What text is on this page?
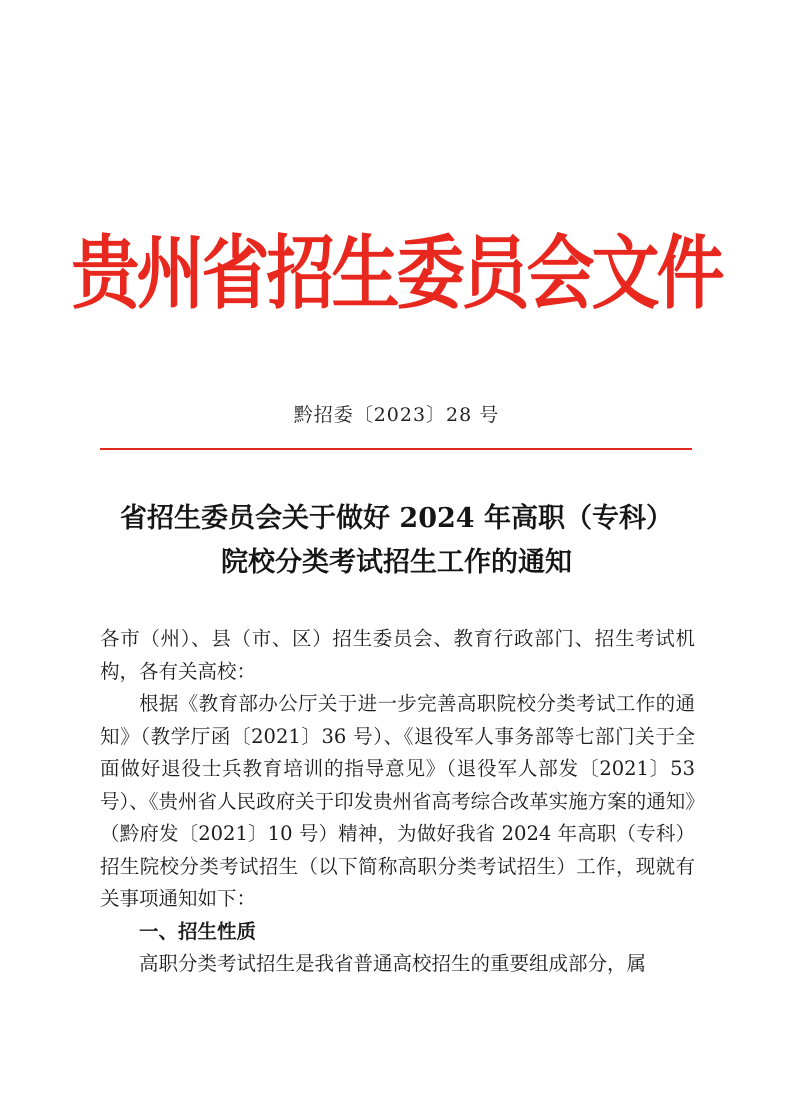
贵州省招生委员会文件
黔招委〔2023〕28 号
省招生委员会关于做好 2024 年高职（专科）
院校分类考试招生工作的通知

各市（州）、县（市、区）招生委员会、教育行政部门、招生考试机构，各有关高校：

根据《教育部办公厅关于进一步完善高职院校分类考试工作的通知》（教学厅函〔2021〕36 号）、《退役军人事务部等七部门关于全面做好退役士兵教育培训的指导意见》（退役军人部发〔2021〕53 号）、《贵州省人民政府关于印发贵州省高考综合改革实施方案的通知》（黔府发〔2021〕10 号）精神，为做好我省 2024 年高职（专科）招生院校分类考试招生（以下简称高职分类考试招生）工作，现就有关事项通知如下：

一、招生性质

高职分类考试招生是我省普通高校招生的重要组成部分，属
